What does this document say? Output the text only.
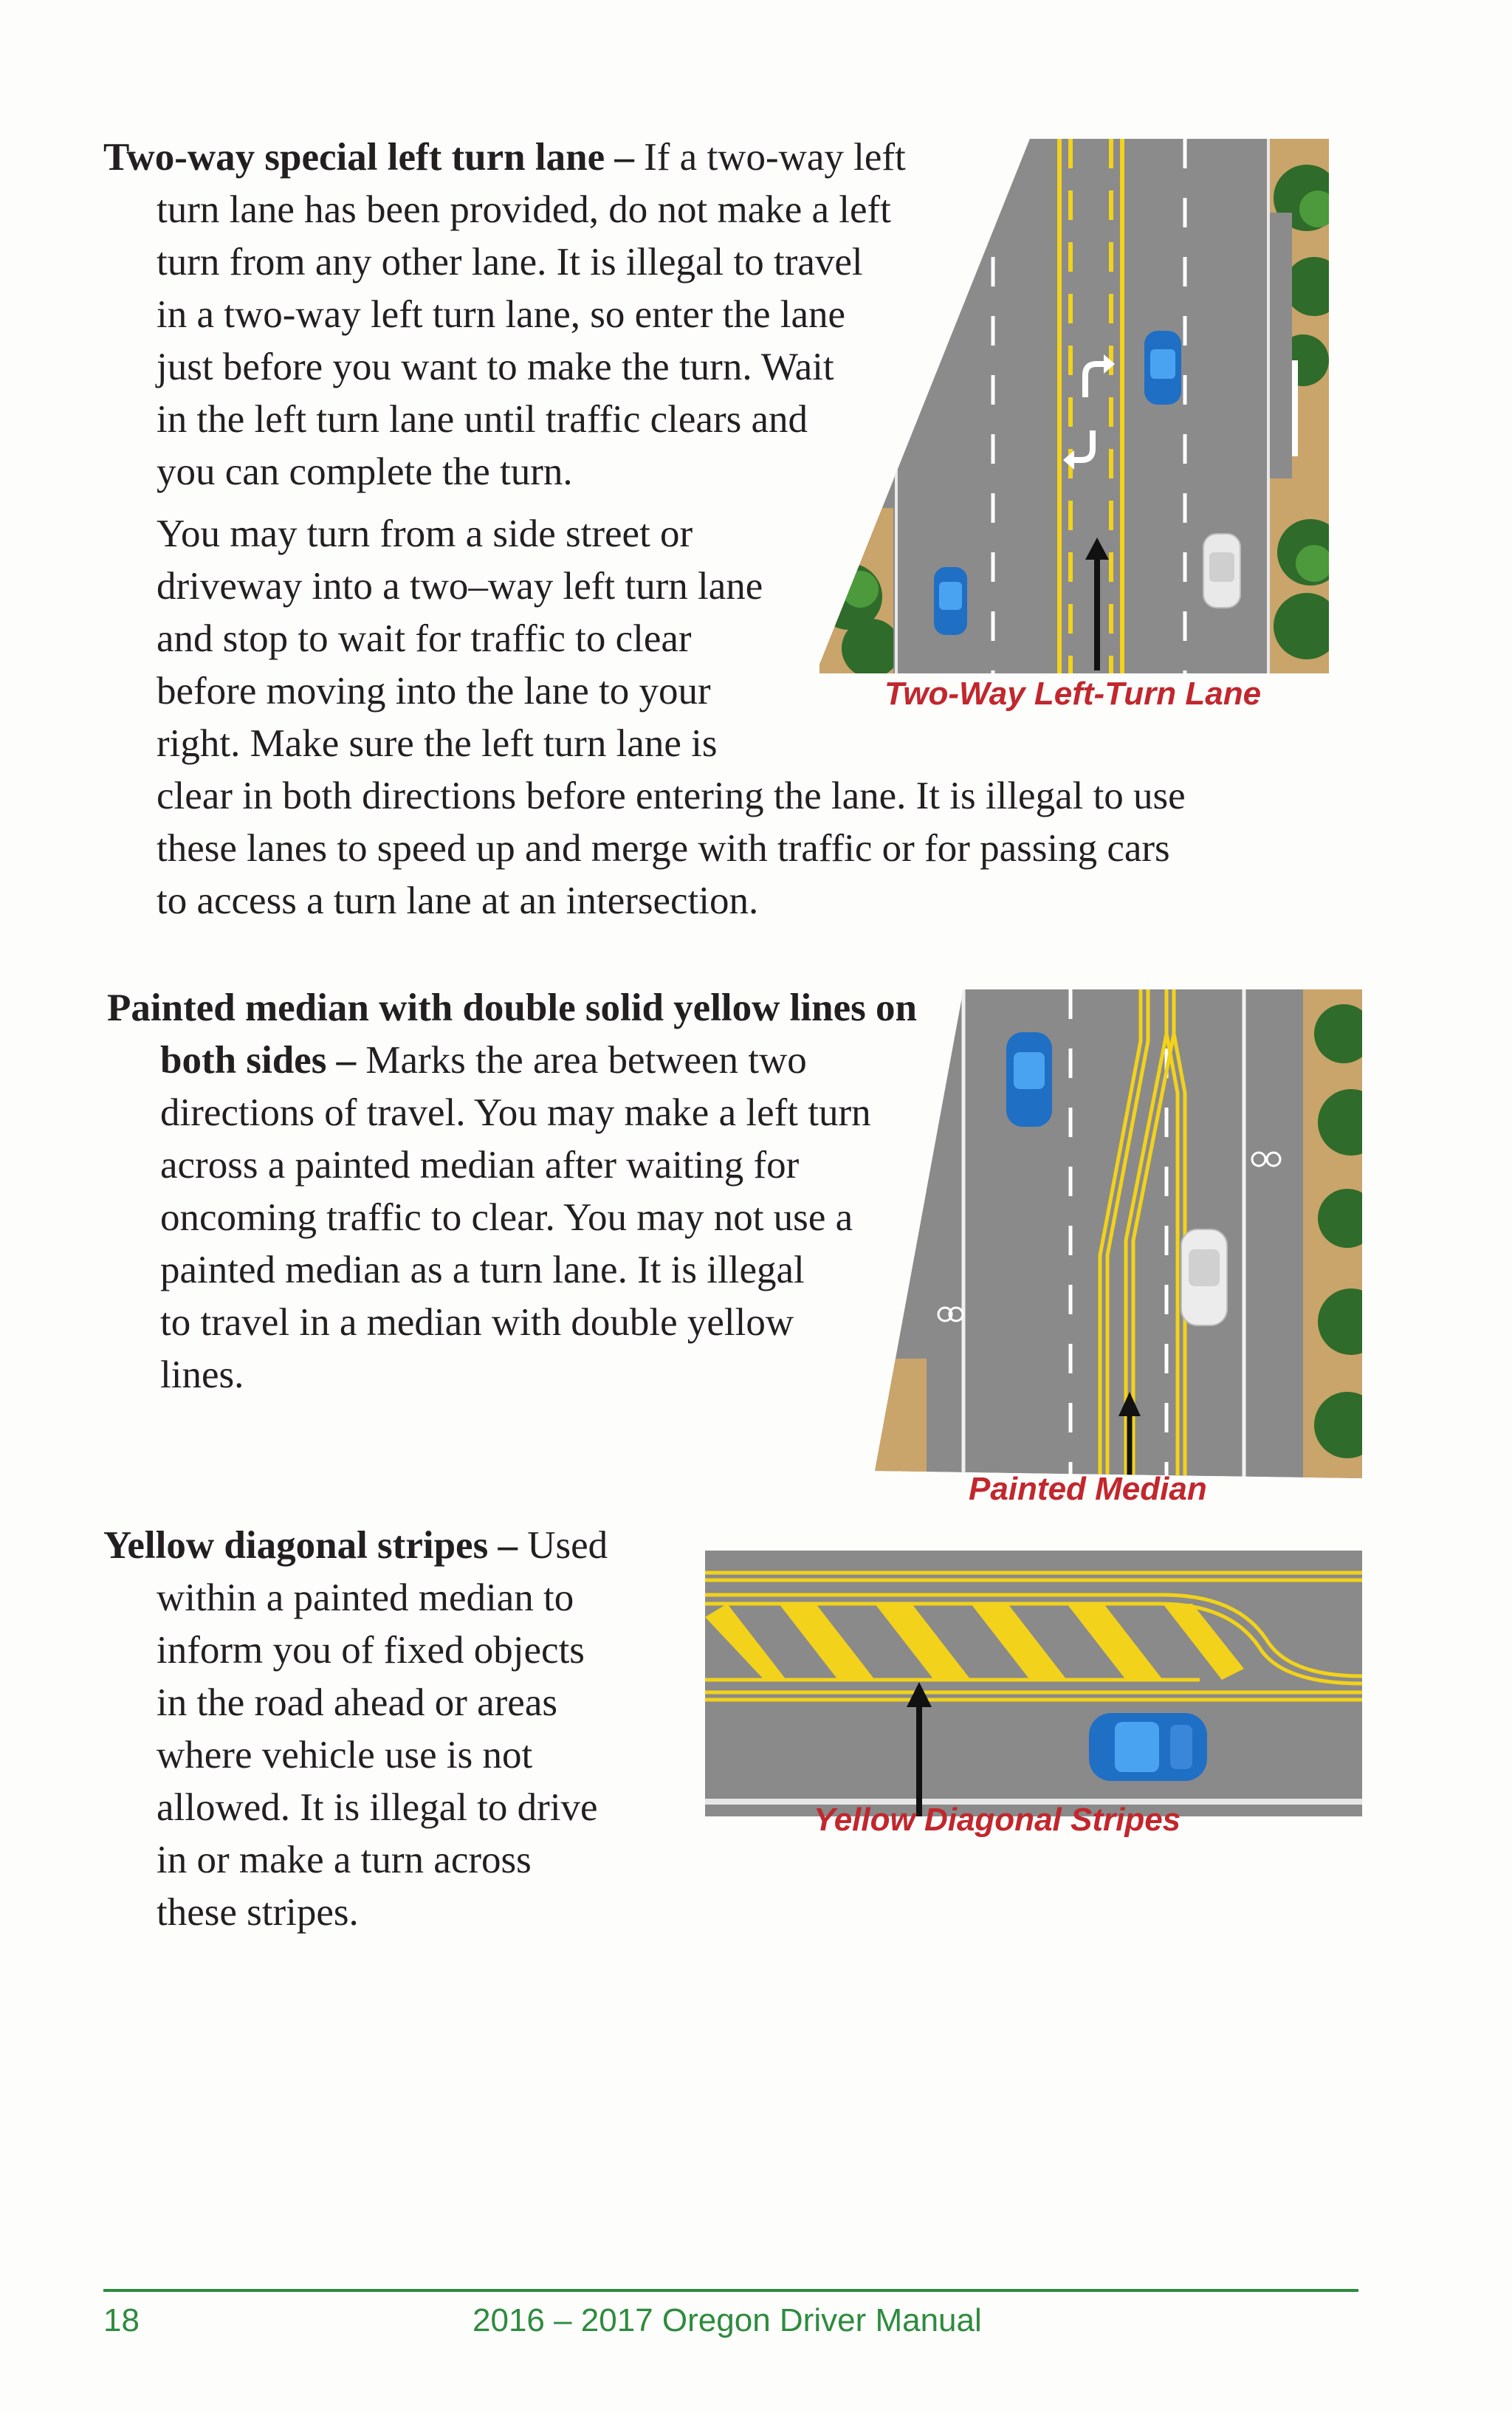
Two-way special left turn lane – If a two-way left
turn lane has been provided, do not make a left
turn from any other lane. It is illegal to travel
in a two-way left turn lane, so enter the lane
just before you want to make the turn. Wait
in the left turn lane until traffic clears and
you can complete the turn.
You may turn from a side street or
driveway into a two–way left turn lane
and stop to wait for traffic to clear
before moving into the lane to your
right. Make sure the left turn lane is
clear in both directions before entering the lane. It is illegal to use
these lanes to speed up and merge with traffic or for passing cars
to access a turn lane at an intersection.
Two-Way Left-Turn Lane
Painted median with double solid yellow lines on
both sides – Marks the area between two
directions of travel. You may make a left turn
across a painted median after waiting for
oncoming traffic to clear. You may not use a
painted median as a turn lane. It is illegal
to travel in a median with double yellow
lines.
Painted Median
Yellow diagonal stripes – Used
within a painted median to
inform you of fixed objects
in the road ahead or areas
where vehicle use is not
allowed. It is illegal to drive
in or make a turn across
these stripes.
Yellow Diagonal Stripes
18	2016 – 2017 Oregon Driver Manual
